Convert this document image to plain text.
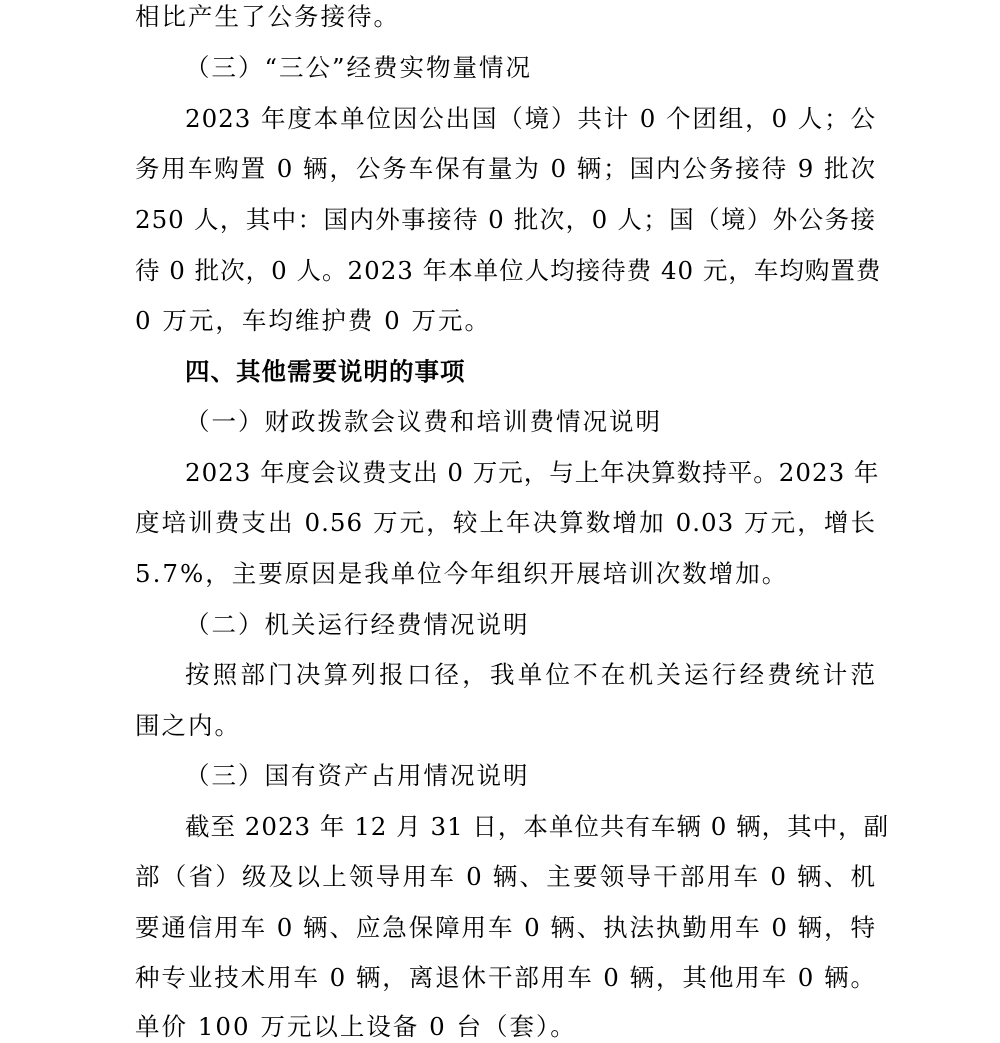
相比产生了公务接待。
（三）“三公”经费实物量情况
2023 年度本单位因公出国（境）共计 0 个团组，0 人；公
务用车购置 0 辆，公务车保有量为 0 辆；国内公务接待 9 批次
250 人，其中：国内外事接待 0 批次，0 人；国（境）外公务接
待 0 批次，0 人。2023 年本单位人均接待费 40 元，车均购置费
0 万元，车均维护费 0 万元。
四、其他需要说明的事项
（一）财政拨款会议费和培训费情况说明
2023 年度会议费支出 0 万元，与上年决算数持平。2023 年
度培训费支出 0.56 万元，较上年决算数增加 0.03 万元，增长
5.7%，主要原因是我单位今年组织开展培训次数增加。
（二）机关运行经费情况说明
按照部门决算列报口径，我单位不在机关运行经费统计范
围之内。
（三）国有资产占用情况说明
截至 2023 年 12 月 31 日，本单位共有车辆 0 辆，其中，副
部（省）级及以上领导用车 0 辆、主要领导干部用车 0 辆、机
要通信用车 0 辆、应急保障用车 0 辆、执法执勤用车 0 辆，特
种专业技术用车 0 辆，离退休干部用车 0 辆，其他用车 0 辆。
单价 100 万元以上设备 0 台（套）。
